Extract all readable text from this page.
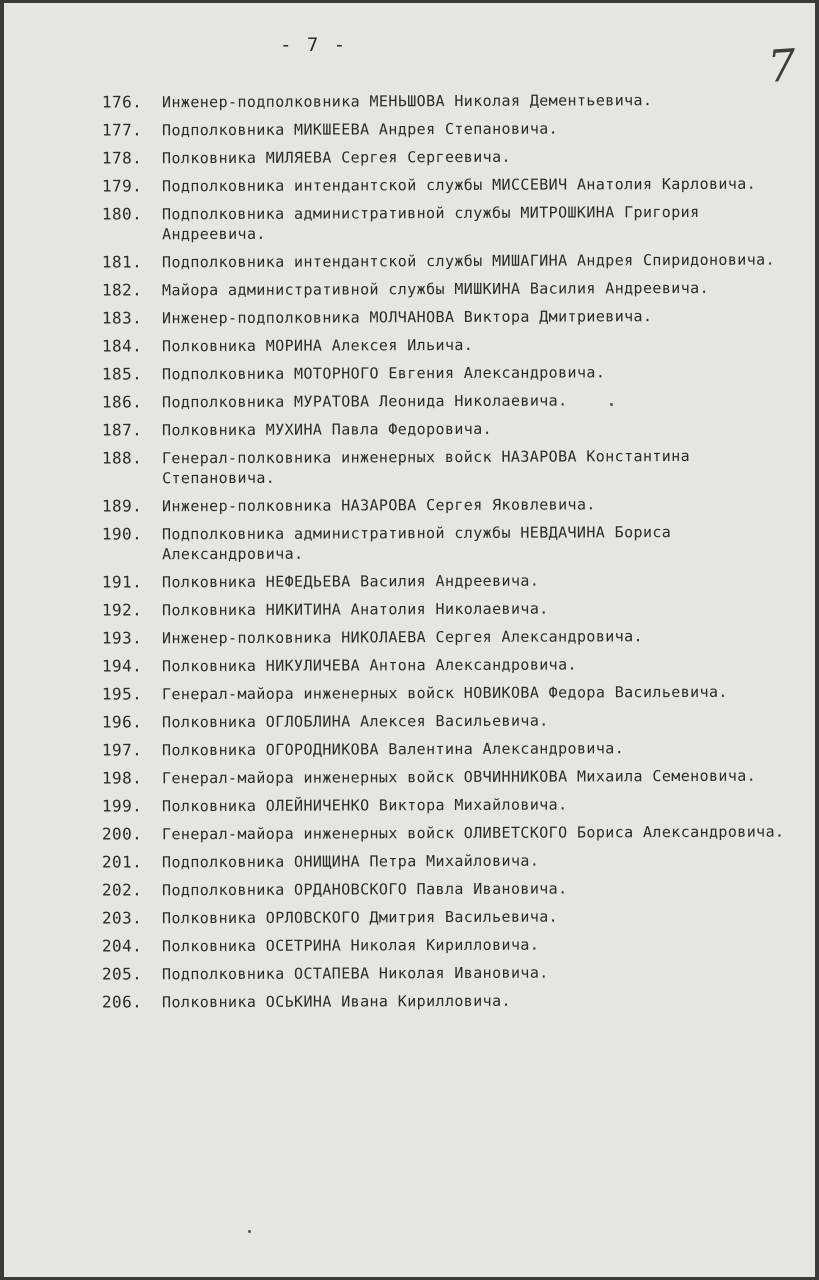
- 7 -	7
176.	Инженер-подполковника МЕНЬШОВА Николая Дементьевича.
177.	Подполковника МИКШЕЕВА Андрея Степановича.
178.	Полковника МИЛЯЕВА Сергея Сергеевича.
179.	Подполковника интендантской службы МИССЕВИЧ Анатолия Карловича.
180.	Подполковника административной службы МИТРОШКИНА Григория Андреевича.
181.	Подполковника интендантской службы МИШАГИНА Андрея Спиридоновича.
182.	Майора административной службы МИШКИНА Василия Андреевича.
183.	Инженер-подполковника МОЛЧАНОВА Виктора Дмитриевича.
184.	Полковника МОРИНА Алексея Ильича.
185.	Подполковника МОТОРНОГО Евгения Александровича.
186.	Подполковника МУРАТОВА Леонида Николаевича.
187.	Полковника МУХИНА Павла Федоровича.
188.	Генерал-полковника инженерных войск НАЗАРОВА Константина Степановича.
189.	Инженер-полковника НАЗАРОВА Сергея Яковлевича.
190.	Подполковника административной службы НЕВДАЧИНА Бориса Александровича.
191.	Полковника НЕФЕДЬЕВА Василия Андреевича.
192.	Полковника НИКИТИНА Анатолия Николаевича.
193.	Инженер-полковника НИКОЛАЕВА Сергея Александровича.
194.	Полковника НИКУЛИЧЕВА Антона Александровича.
195.	Генерал-майора инженерных войск НОВИКОВА Федора Васильевича.
196.	Полковника ОГЛОБЛИНА Алексея Васильевича.
197.	Полковника ОГОРОДНИКОВА Валентина Александровича.
198.	Генерал-майора инженерных войск ОВЧИННИКОВА Михаила Семеновича.
199.	Полковника ОЛЕЙНИЧЕНКО Виктора Михайловича.
200.	Генерал-майора инженерных войск ОЛИВЕТСКОГО Бориса Александровича.
201.	Подполковника ОНИЩИНА Петра Михайловича.
202.	Подполковника ОРДАНОВСКОГО Павла Ивановича.
203.	Полковника ОРЛОВСКОГО Дмитрия Васильевича.
204.	Полковника ОСЕТРИНА Николая Кирилловича.
205.	Подполковника ОСТАПЕВА Николая Ивановича.
206.	Полковника ОСЬКИНА Ивана Кирилловича.
